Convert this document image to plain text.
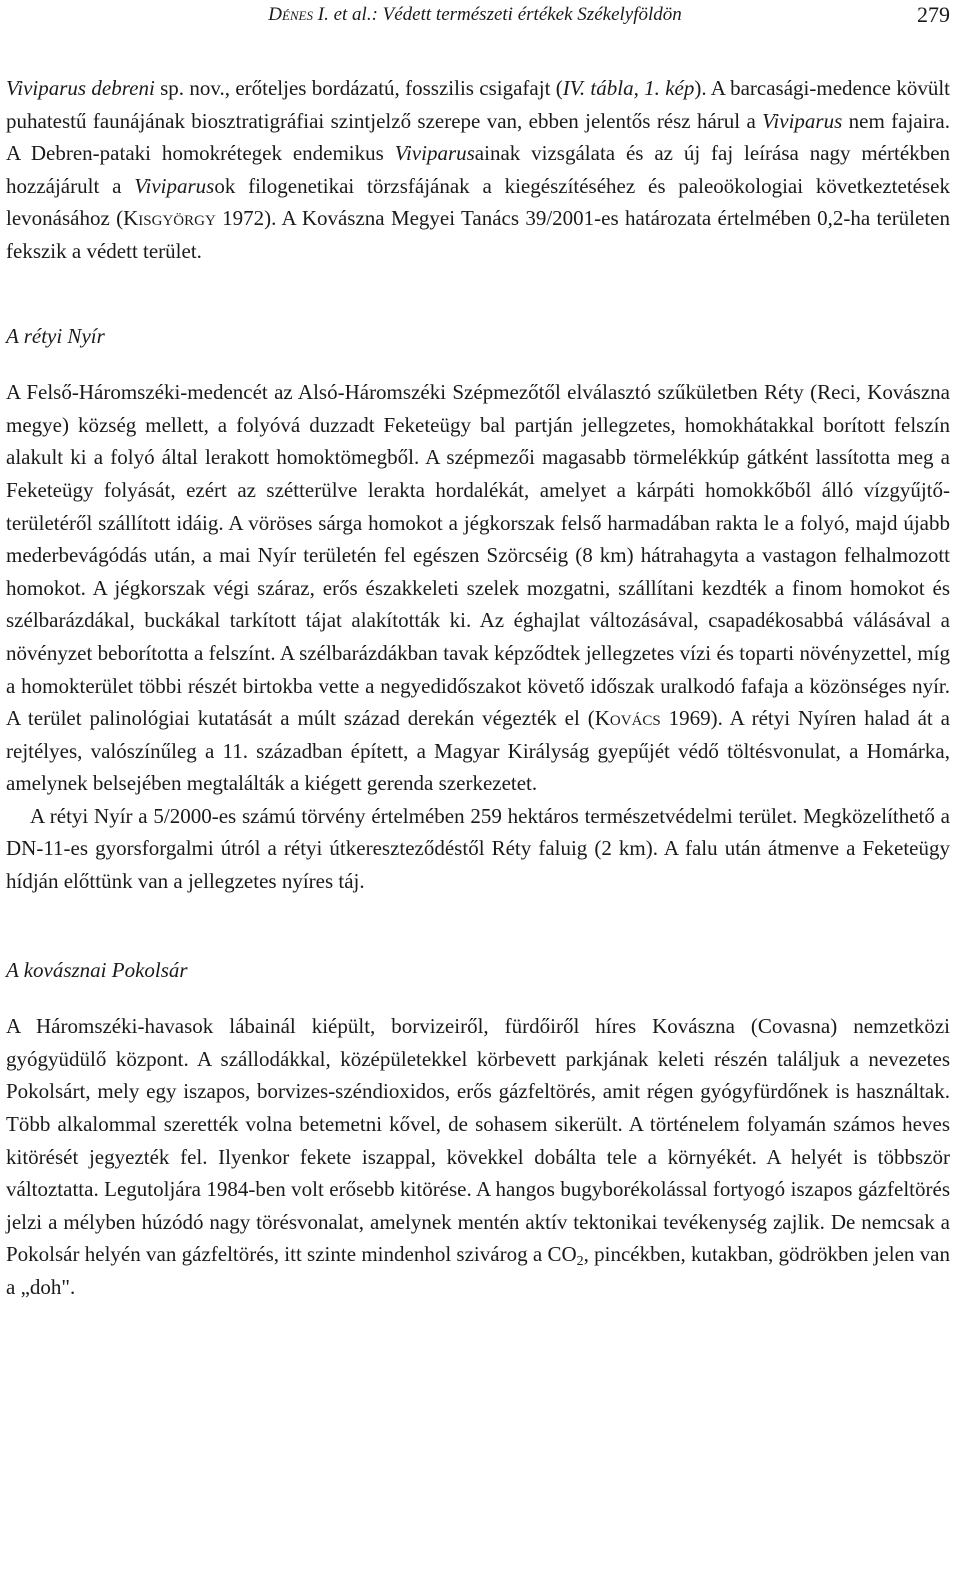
Dénes I. et al.: Védett természeti értékek Székelyföldön	279

Viviparus debreni sp. nov., erőteljes bordázatú, fosszilis csigafajt (IV. tábla, 1. kép). A barcasági-medence kövült puhatestű faunájának biosztratigráfiai szintjelző szerepe van, ebben jelentős rész hárul a Viviparus nem fajaira. A Debren-pataki homokrétegek endemikus Viviparusainak vizsgálata és az új faj leírása nagy mértékben hozzájárult a Viviparusok filogenetikai törzsfájának a kiegészítéséhez és paleoökologiai következtetések levonásához (Kisgyörgy 1972). A Kovászna Megyei Tanács 39/2001-es határozata értelmében 0,2-ha területen fekszik a védett terület.

A rétyi Nyír

A Felső-Háromszéki-medencét az Alsó-Háromszéki Szépmezőtől elválasztó szűkületben Réty (Reci, Kovászna megye) község mellett, a folyóvá duzzadt Feketeügy bal partján jellegzetes, homokhátakkal borított felszín alakult ki a folyó által lerakott homoktömegből. A szépmezői magasabb törmelékkúp gátként lassította meg a Feketeügy folyását, ezért az szétterülve lerakta hordalékát, amelyet a kárpáti homokkőből álló vízgyűjtő-területéről szállított idáig. A vöröses sárga homokot a jégkorszak felső harmadában rakta le a folyó, majd újabb mederbevágódás után, a mai Nyír területén fel egészen Szörcséig (8 km) hátrahagyta a vastagon felhalmozott homokot. A jégkorszak végi száraz, erős északkeleti szelek mozgatni, szállítani kezdték a finom homokot és szélbarázdákal, buckákal tarkított tájat alakították ki. Az éghajlat változásával, csapadékosabbá válásával a növényzet beborította a felszínt. A szélbarázdákban tavak képződtek jellegzetes vízi és toparti növényzettel, míg a homokterület többi részét birtokba vette a negyedidőszakot követő időszak uralkodó fafaja a közönséges nyír. A terület palinológiai kutatását a múlt század derekán végezték el (Kovács 1969). A rétyi Nyíren halad át a rejtélyes, valószínűleg a 11. században épített, a Magyar Királyság gyepűjét védő töltésvonulat, a Homárka, amelynek belsejében megtalálták a kiégett gerenda szerkezetet.

A rétyi Nyír a 5/2000-es számú törvény értelmében 259 hektáros természetvédelmi terület. Megközelíthető a DN-11-es gyorsforgalmi útról a rétyi útkereszteződéstől Réty faluig (2 km). A falu után átmenve a Feketeügy hídján előttünk van a jellegzetes nyíres táj.

A kovásznai Pokolsár

A Háromszéki-havasok lábainál kiépült, borvizeiről, fürdőiről híres Kovászna (Covasna) nemzetközi gyógyüdülő központ. A szállodákkal, középületekkel körbevett parkjának keleti részén találjuk a nevezetes Pokolsárt, mely egy iszapos, borvizes-széndioxidos, erős gázfeltörés, amit régen gyógyfürdőnek is használtak. Több alkalommal szerették volna betemetni kővel, de sohasem sikerült. A történelem folyamán számos heves kitörését jegyezték fel. Ilyenkor fekete iszappal, kövekkel dobálta tele a környékét. A helyét is többször változtatta. Legutoljára 1984-ben volt erősebb kitörése. A hangos bugyborékolással fortyogó iszapos gázfeltörés jelzi a mélyben húzódó nagy törésvonalat, amelynek mentén aktív tektonikai tevékenység zajlik. De nemcsak a Pokolsár helyén van gázfeltörés, itt szinte mindenhol szivárog a $CO_2$, pincékben, kutakban, gödrökben jelen van a „doh".
